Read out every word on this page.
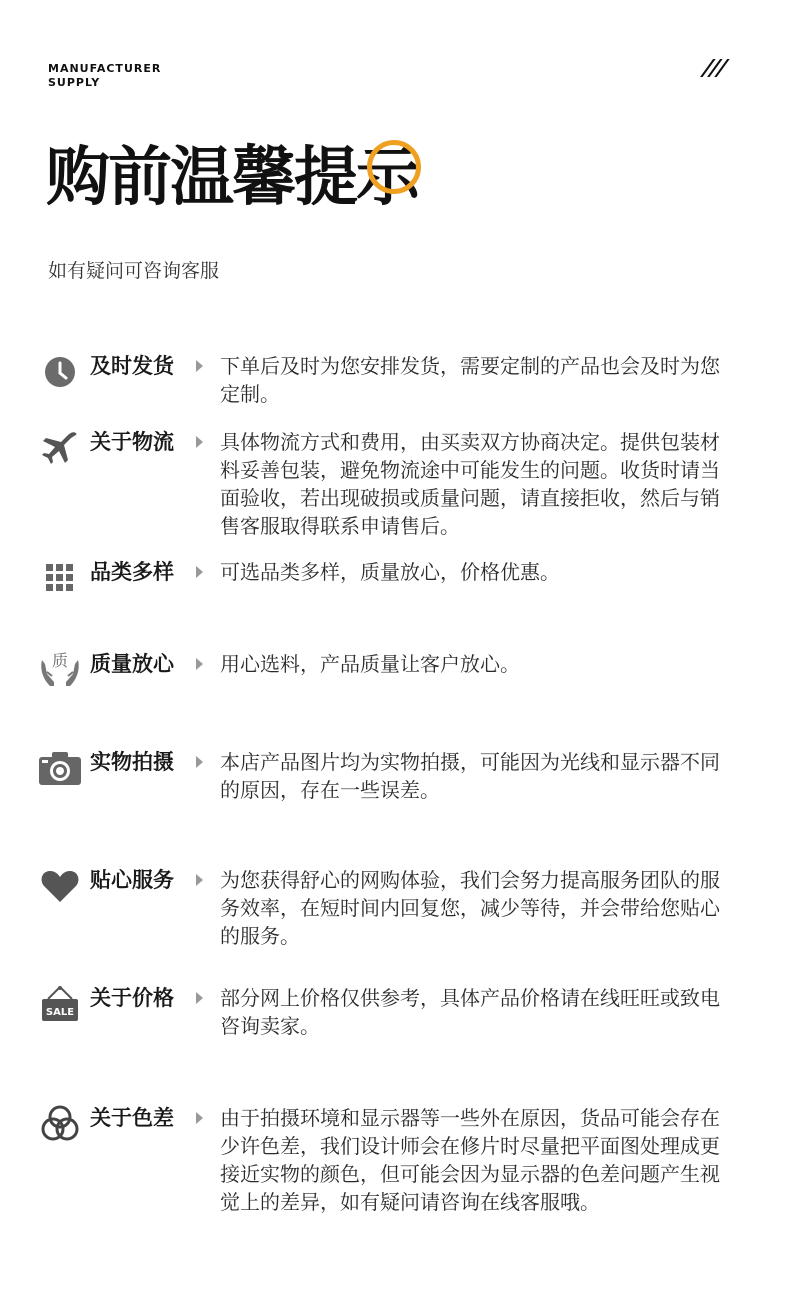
MANUFACTURER
SUPPLY
///
购前温馨提示
如有疑问可咨询客服
及时发货 下单后及时为您安排发货，需要定制的产品也会及时为您定制。
关于物流 具体物流方式和费用，由买卖双方协商决定。提供包装材料妥善包装，避免物流途中可能发生的问题。收货时请当面验收，若出现破损或质量问题，请直接拒收，然后与销售客服取得联系申请售后。
品类多样 可选品类多样，质量放心，价格优惠。
质 质量放心 用心选料，产品质量让客户放心。
实物拍摄 本店产品图片均为实物拍摄，可能因为光线和显示器不同的原因，存在一些误差。
贴心服务 为您获得舒心的网购体验，我们会努力提高服务团队的服务效率，在短时间内回复您，减少等待，并会带给您贴心的服务。
SALE
关于价格 部分网上价格仅供参考，具体产品价格请在线旺旺或致电咨询卖家。
关于色差 由于拍摄环境和显示器等一些外在原因，货品可能会存在少许色差，我们设计师会在修片时尽量把平面图处理成更接近实物的颜色，但可能会因为显示器的色差问题产生视觉上的差异，如有疑问请咨询在线客服哦。
